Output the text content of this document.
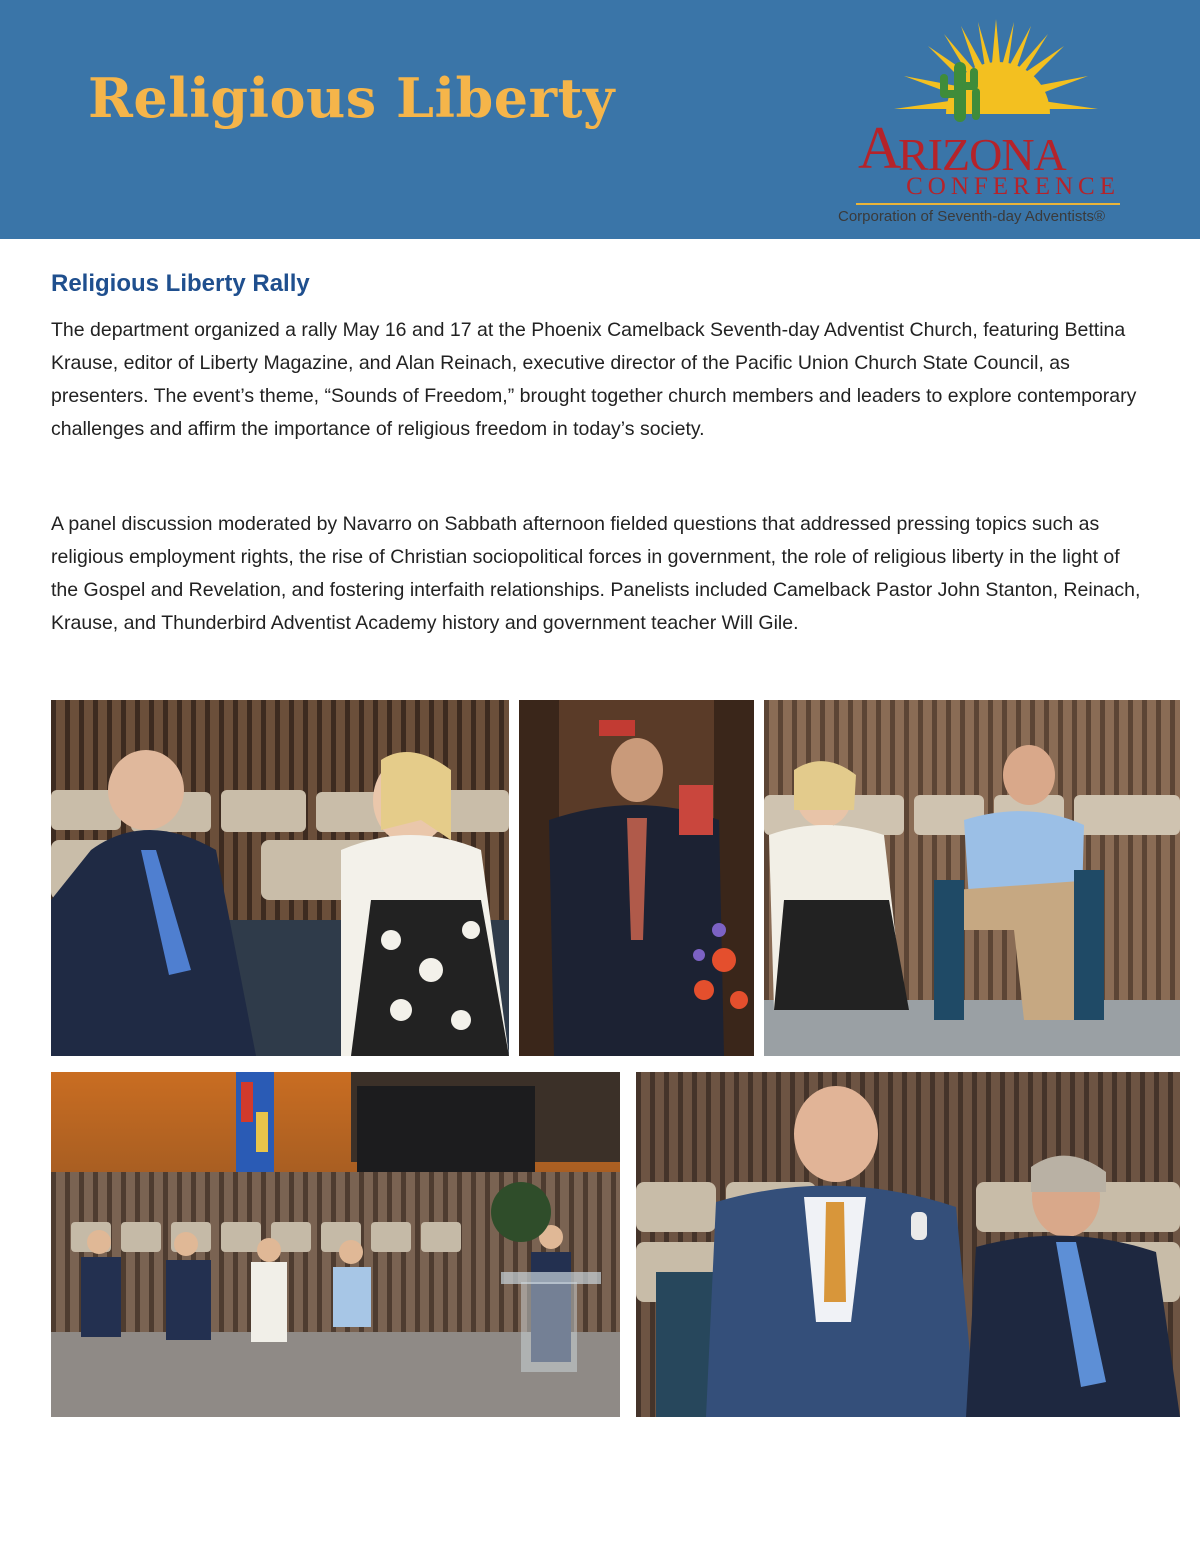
Religious Liberty
A
RIZONA
CONFERENCE
Corporation of Seventh-day Adventists®
Religious Liberty Rally

The department organized a rally May 16 and 17 at the Phoenix Camelback Seventh-day Adventist Church, featuring Bettina Krause, editor of Liberty Magazine, and Alan Reinach, executive director of the Pacific Union Church State Council, as presenters. The event’s theme, “Sounds of Freedom,” brought together church members and leaders to explore contemporary challenges and affirm the importance of religious freedom in today’s society.

A panel discussion moderated by Navarro on Sabbath afternoon fielded questions that addressed pressing topics such as religious employment rights, the rise of Christian sociopolitical forces in government, the role of religious liberty in the light of the Gospel and Revelation, and fostering interfaith relationships. Panelists included Camelback Pastor John Stanton, Reinach, Krause, and Thunderbird Adventist Academy history and government teacher Will Gile.
